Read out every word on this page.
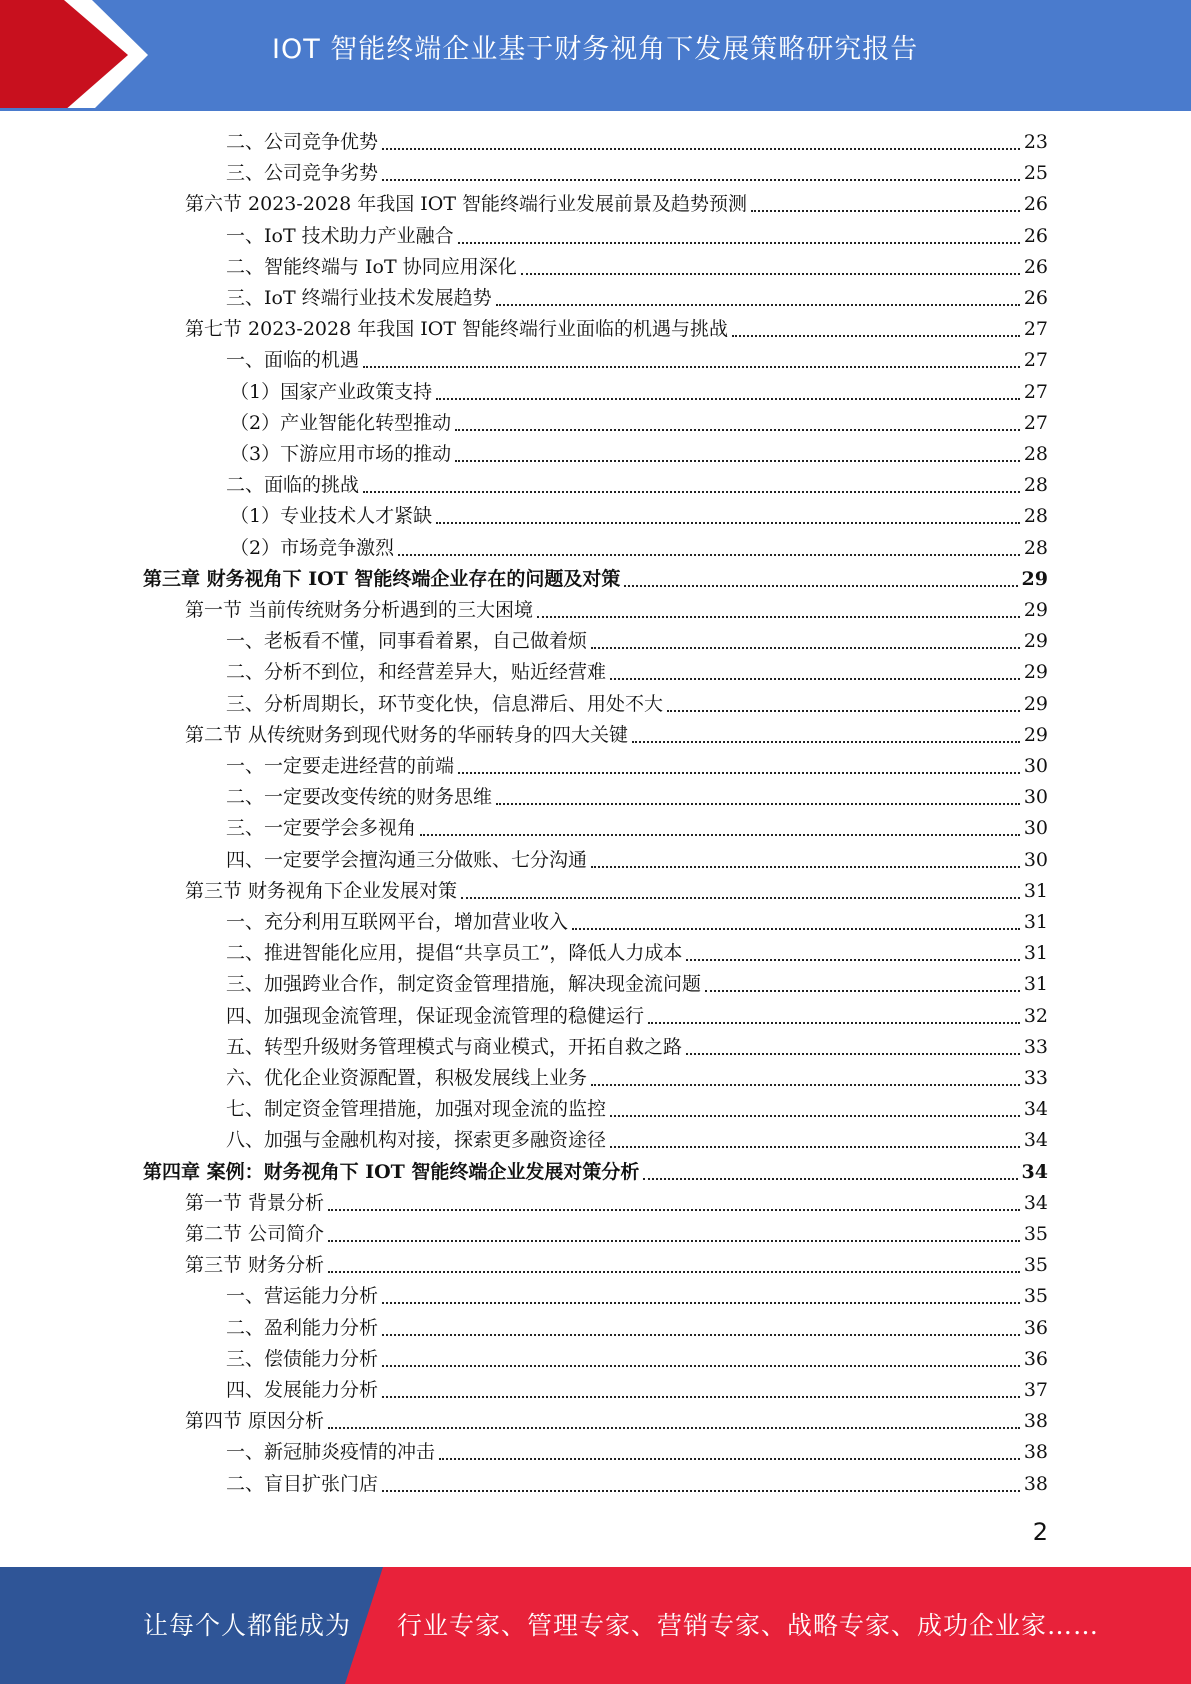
IOT 智能终端企业基于财务视角下发展策略研究报告
二、公司竞争优势	23
三、公司竞争劣势	25
第六节 2023-2028 年我国 IOT 智能终端行业发展前景及趋势预测	26
一、IoT 技术助力产业融合	26
二、智能终端与 IoT 协同应用深化	26
三、IoT 终端行业技术发展趋势	26
第七节 2023-2028 年我国 IOT 智能终端行业面临的机遇与挑战	27
一、面临的机遇	27
（1）国家产业政策支持	27
（2）产业智能化转型推动	27
（3）下游应用市场的推动	28
二、面临的挑战	28
（1）专业技术人才紧缺	28
（2）市场竞争激烈	28
第三章 财务视角下 IOT 智能终端企业存在的问题及对策	29
第一节 当前传统财务分析遇到的三大困境	29
一、老板看不懂，同事看着累，自己做着烦	29
二、分析不到位，和经营差异大，贴近经营难	29
三、分析周期长，环节变化快，信息滞后、用处不大	29
第二节 从传统财务到现代财务的华丽转身的四大关键	29
一、一定要走进经营的前端	30
二、一定要改变传统的财务思维	30
三、一定要学会多视角	30
四、一定要学会擅沟通三分做账、七分沟通	30
第三节 财务视角下企业发展对策	31
一、充分利用互联网平台，增加营业收入	31
二、推进智能化应用，提倡“共享员工”，降低人力成本	31
三、加强跨业合作，制定资金管理措施，解决现金流问题	31
四、加强现金流管理，保证现金流管理的稳健运行	32
五、转型升级财务管理模式与商业模式，开拓自救之路	33
六、优化企业资源配置，积极发展线上业务	33
七、制定资金管理措施，加强对现金流的监控	34
八、加强与金融机构对接，探索更多融资途径	34
第四章 案例：财务视角下 IOT 智能终端企业发展对策分析	34
第一节 背景分析	34
第二节 公司简介	35
第三节 财务分析	35
一、营运能力分析	35
二、盈利能力分析	36
三、偿债能力分析	36
四、发展能力分析	37
第四节 原因分析	38
一、新冠肺炎疫情的冲击	38
二、盲目扩张门店	38
2
让每个人都能成为 行业专家、管理专家、营销专家、战略专家、成功企业家……
